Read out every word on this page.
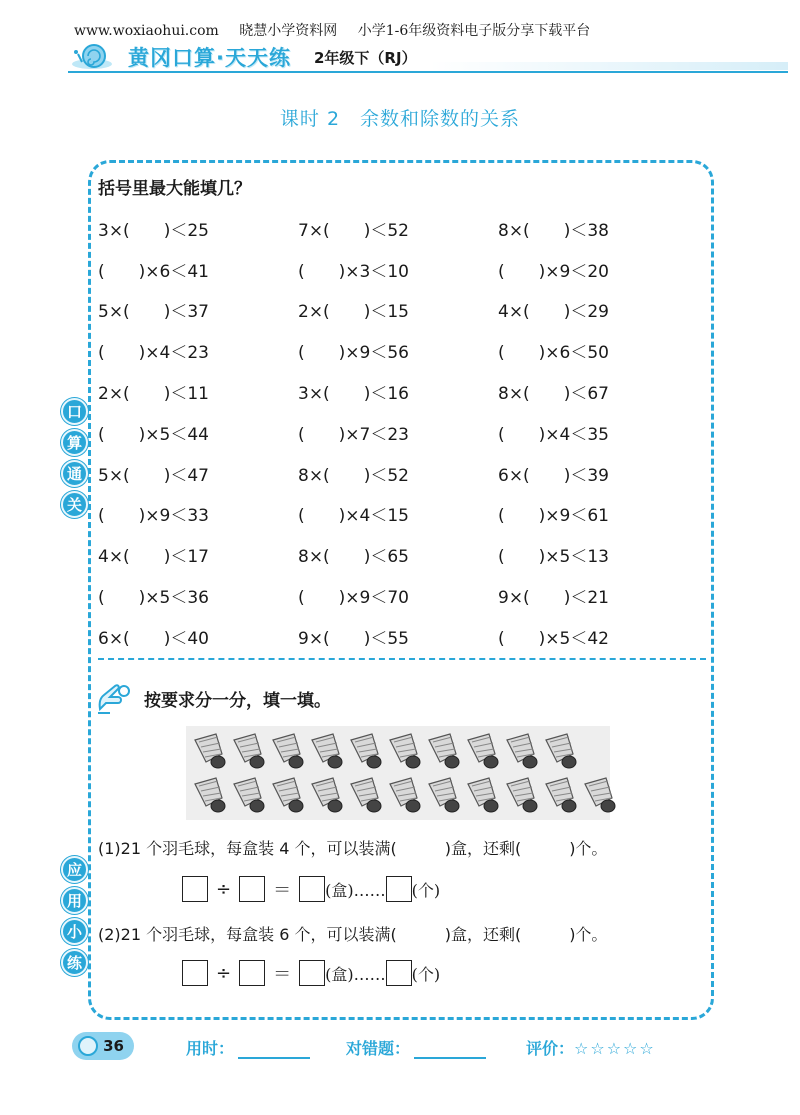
www.woxiaohui.com 晓慧小学资料网 小学1-6年级资料电子版分享下载平台
黄冈口算·天天练 2年级下（RJ）
课时 2　余数和除数的关系
口
算
通
关
应
用
小
练
括号里最大能填几？
3×(　　)＜25	7×(　　)＜52	8×(　　)＜38
(　　)×6＜41	(　　)×3＜10	(　　)×9＜20
5×(　　)＜37	2×(　　)＜15	4×(　　)＜29
(　　)×4＜23	(　　)×9＜56	(　　)×6＜50
2×(　　)＜11	3×(　　)＜16	8×(　　)＜67
(　　)×5＜44	(　　)×7＜23	(　　)×4＜35
5×(　　)＜47	8×(　　)＜52	6×(　　)＜39
(　　)×9＜33	(　　)×4＜15	(　　)×9＜61
4×(　　)＜17	8×(　　)＜65	(　　)×5＜13
(　　)×5＜36	(　　)×9＜70	9×(　　)＜21
6×(　　)＜40	9×(　　)＜55	(　　)×5＜42
按要求分一分，填一填。
(1)21 个羽毛球，每盒装 4 个，可以装满(　　　)盒，还剩(　　　)个。
÷ ＝ (盒)…… (个)
(2)21 个羽毛球，每盒装 6 个，可以装满(　　　)盒，还剩(　　　)个。
÷ ＝ (盒)…… (个)
36	用时：	对错题：	评价：☆☆☆☆☆
